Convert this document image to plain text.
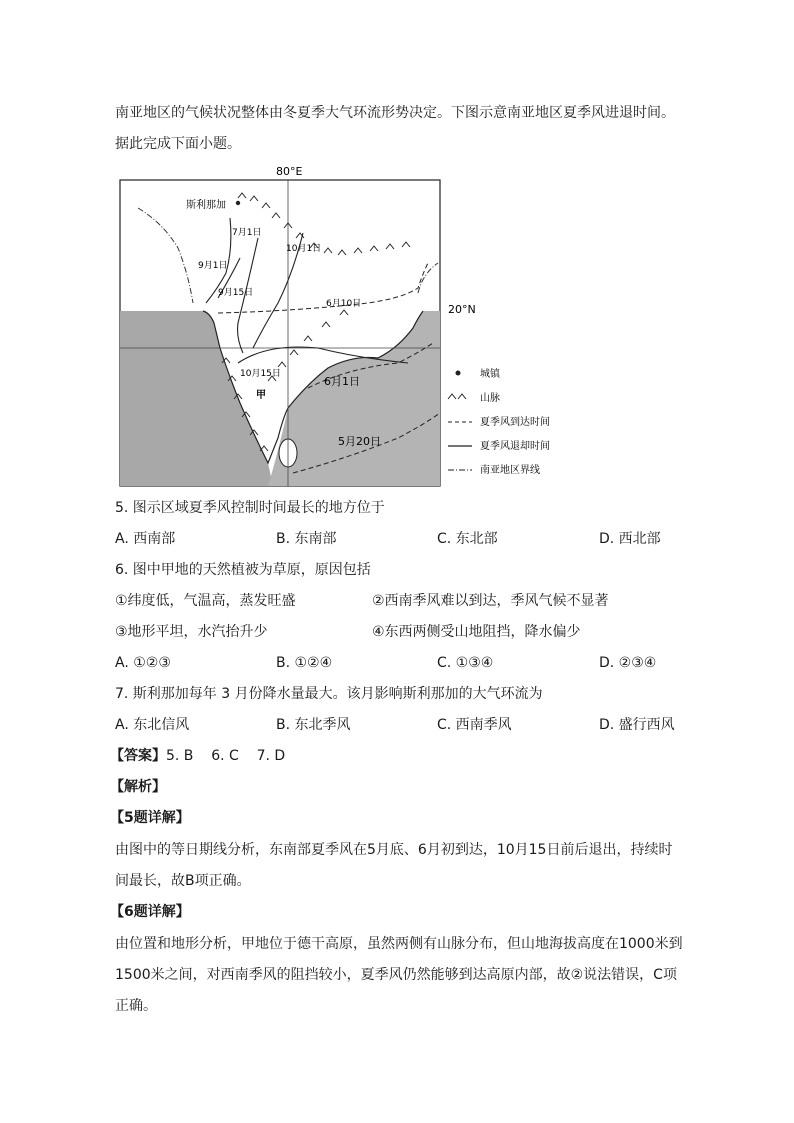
南亚地区的气候状况整体由冬夏季大气环流形势决定。下图示意南亚地区夏季风进退时间。
据此完成下面小题。
80°E
20°N
斯利那加
7月1日
9月1日
9月15日
10月1日
6月10日
10月15日
6月1日
5月20日
甲
城镇
山脉
夏季风到达时间
夏季风退却时间
南亚地区界线
5. 图示区域夏季风控制时间最长的地方位于
A. 西南部	B. 东南部	C. 东北部	D. 西北部
6. 图中甲地的天然植被为草原，原因包括
①纬度低，气温高，蒸发旺盛	②西南季风难以到达，季风气候不显著
③地形平坦，水汽抬升少	④东西两侧受山地阻挡，降水偏少
A. ①②③	B. ①②④	C. ①③④	D. ②③④
7. 斯利那加每年 3 月份降水量最大。该月影响斯利那加的大气环流为
A. 东北信风	B. 东北季风	C. 西南季风	D. 盛行西风
【答案】5. B    6. C    7. D
【解析】
【5题详解】
由图中的等日期线分析，东南部夏季风在5月底、6月初到达，10月15日前后退出，持续时
间最长，故B项正确。
【6题详解】
由位置和地形分析，甲地位于德干高原，虽然两侧有山脉分布，但山地海拔高度在1000米到
1500米之间，对西南季风的阻挡较小，夏季风仍然能够到达高原内部，故②说法错误，C项
正确。
